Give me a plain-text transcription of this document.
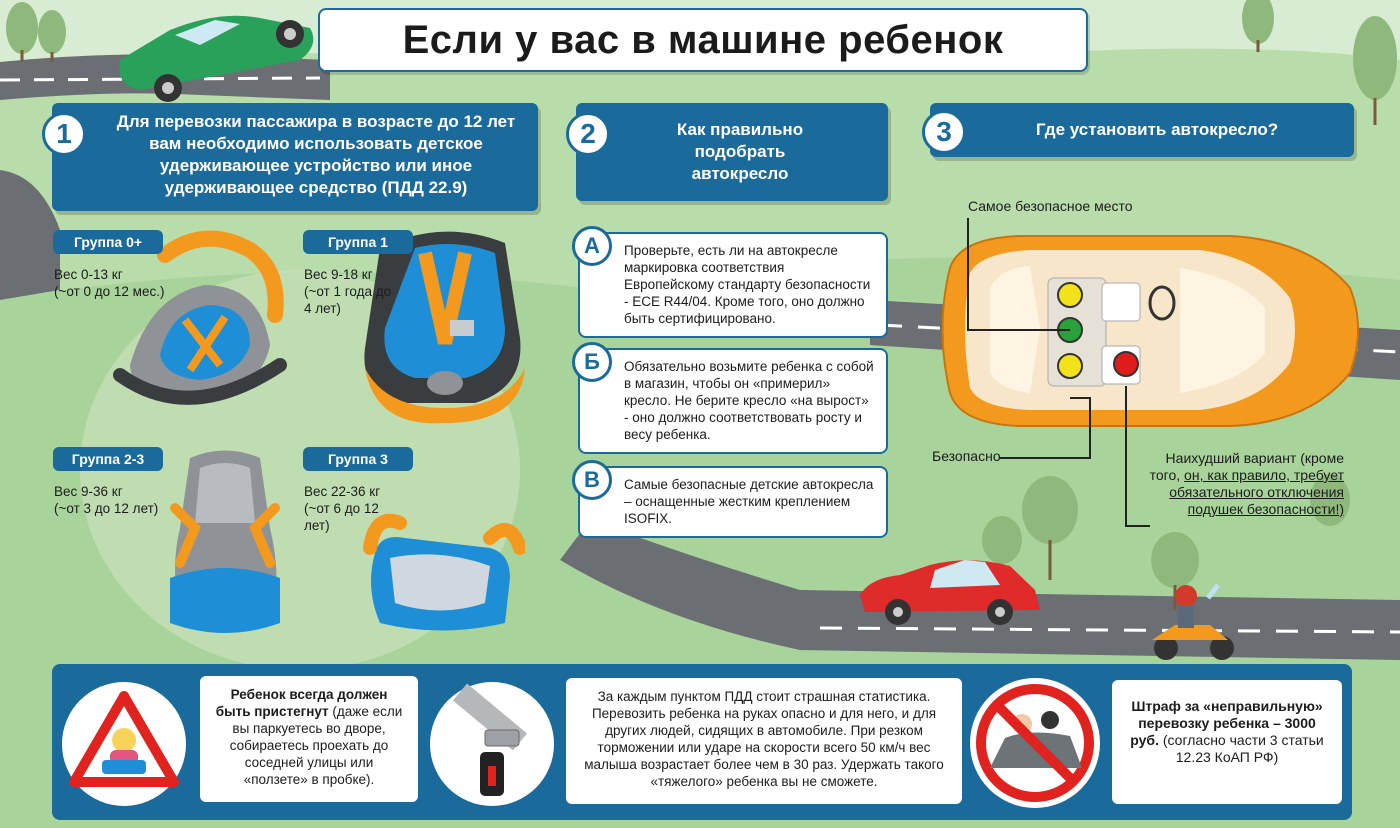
Если у вас в машине ребенок
Для перевозки пассажира в возрасте до 12 лет вам необходимо использовать детское удерживающее устройство или иное удерживающее средство (ПДД 22.9)
1
Группа 0+
Вес 0-13 кг
(~от 0 до 12 мес.)
Группа 1
Вес 9-18 кг
(~от 1 года до 4 лет)
Группа 2-3
Вес 9-36 кг
(~от 3 до 12 лет)
Группа 3
Вес 22-36 кг
(~от 6 до 12 лет)
Как правильно подобрать автокресло
2
Проверьте, есть ли на автокресле маркировка соответствия Европейскому стандарту безопасности - ECE R44/04. Кроме того, оно должно быть сертифицировано.
А
Обязательно возьмите ребенка с собой в магазин, чтобы он «примерил» кресло. Не берите кресло «на вырост» - оно должно соответствовать росту и весу ребенка.
Б
Самые безопасные детские автокресла – оснащенные жестким креплением ISOFIX.
В
Где установить автокресло?
3
Самое безопасное место
Безопасно	Наихудший вариант (кроме того, он, как правило, требует обязательного отключения подушек безопасности!)
Ребенок всегда должен быть пристегнут (даже если вы паркуетесь во дворе, собираетесь проехать до соседней улицы или «ползете» в пробке).
За каждым пунктом ПДД стоит страшная статистика. Перевозить ребенка на руках опасно и для него, и для других людей, сидящих в автомобиле. При резком торможении или ударе на скорости всего 50 км/ч вес малыша возрастает более чем в 30 раз. Удержать такого «тяжелого» ребенка вы не сможете.
Штраф за «неправильную» перевозку ребенка – 3000 руб. (согласно части 3 статьи 12.23 КоАП РФ)
